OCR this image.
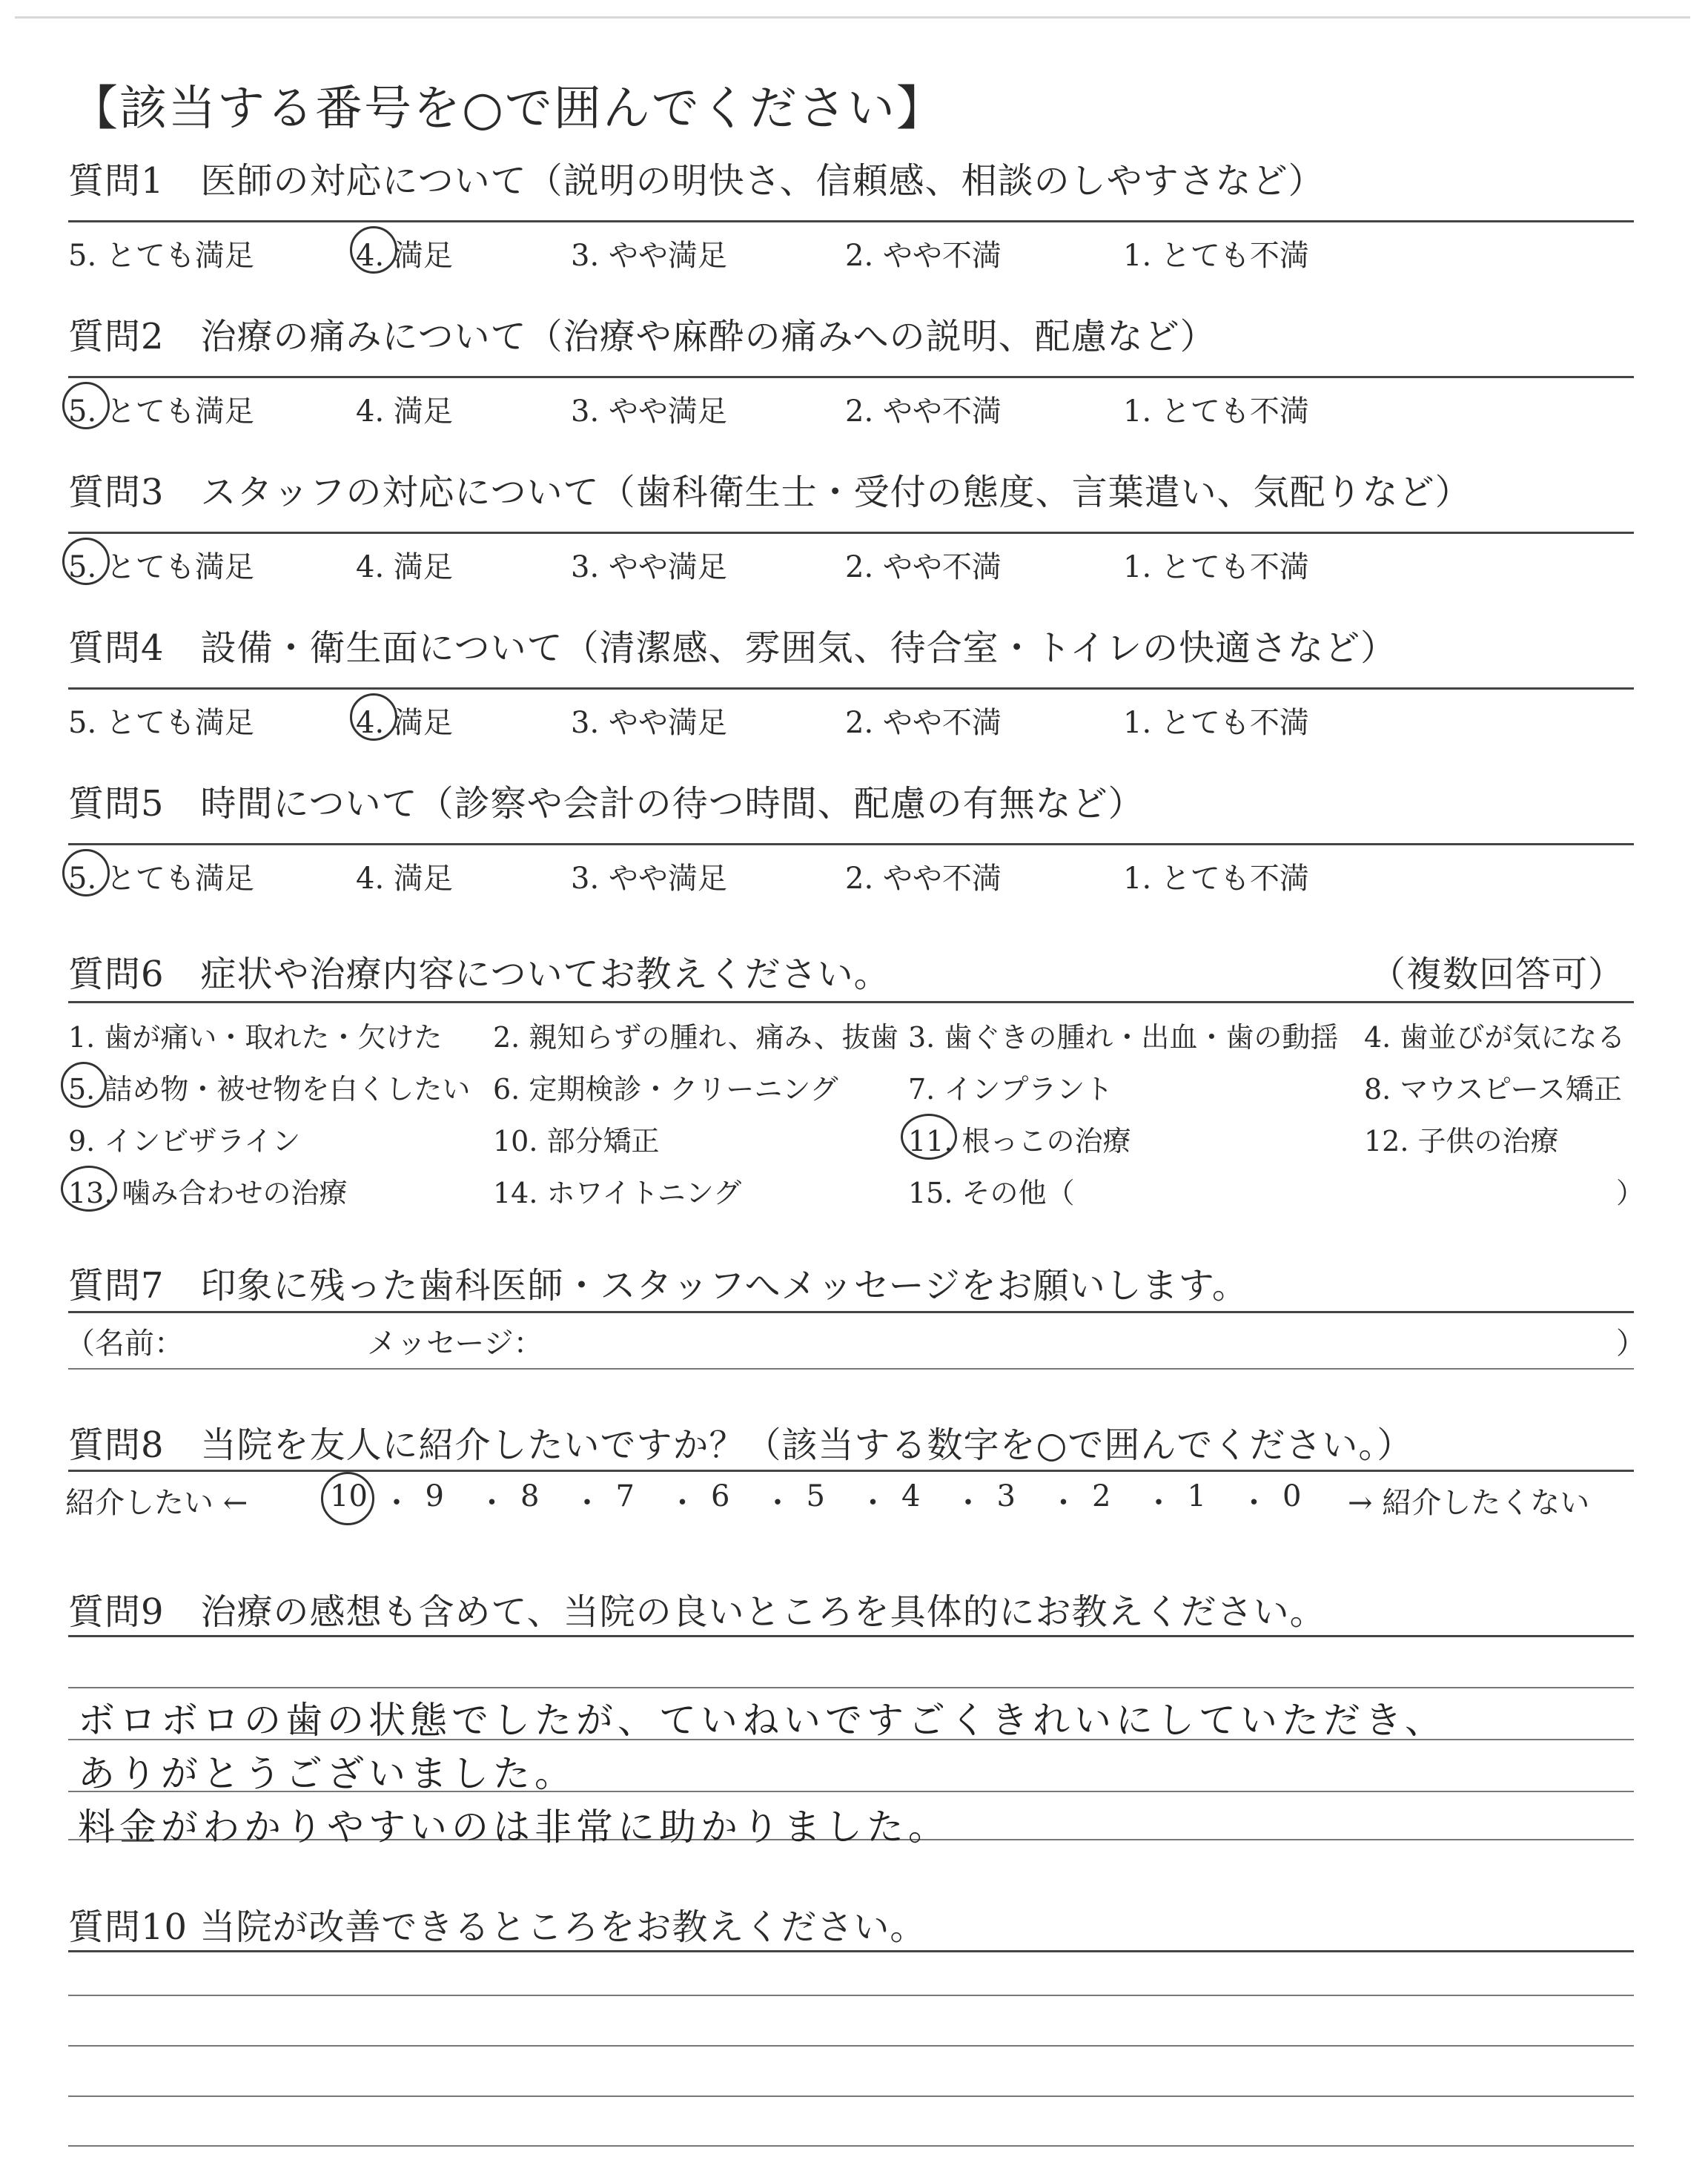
【該当する番号を○で囲んでください】
質問1　医師の対応について（説明の明快さ、信頼感、相談のしやすさなど）
5. とても満足	4. 満足	3. やや満足	2. やや不満	1. とても不満
質問2　治療の痛みについて（治療や麻酔の痛みへの説明、配慮など）
5. とても満足	4. 満足	3. やや満足	2. やや不満	1. とても不満
質問3　スタッフの対応について（歯科衛生士・受付の態度、言葉遣い、気配りなど）
5. とても満足	4. 満足	3. やや満足	2. やや不満	1. とても不満
質問4　設備・衛生面について（清潔感、雰囲気、待合室・トイレの快適さなど）
5. とても満足	4. 満足	3. やや満足	2. やや不満	1. とても不満
質問5　時間について（診察や会計の待つ時間、配慮の有無など）
5. とても満足	4. 満足	3. やや満足	2. やや不満	1. とても不満
質問6　症状や治療内容についてお教えください。	（複数回答可）
1. 歯が痛い・取れた・欠けた 2. 親知らずの腫れ、痛み、抜歯 3. 歯ぐきの腫れ・出血・歯の動揺 4. 歯並びが気になる
5. 詰め物・被せ物を白くしたい 6. 定期検診・クリーニング 7. インプラント	8. マウスピース矯正
9. インビザライン	10. 部分矯正	11. 根っこの治療	12. 子供の治療
13. 噛み合わせの治療	14. ホワイトニング	15. その他（	）
質問7　印象に残った歯科医師・スタッフへメッセージをお願いします。
（名前：	メッセージ：	）
質問8　当院を友人に紹介したいですか？（該当する数字を○で囲んでください。）
紹介したい ←	→ 紹介したくない
10 ・ 9 ・ 8 ・ 7 ・ 6 ・ 5 ・ 4 ・ 3 ・ 2 ・ 1 ・ 0
質問9　治療の感想も含めて、当院の良いところを具体的にお教えください。
ボロボロの歯の状態でしたが、ていねいですごくきれいにしていただき、
ありがとうございました。
料金がわかりやすいのは非常に助かりました。
質問10 当院が改善できるところをお教えください。
